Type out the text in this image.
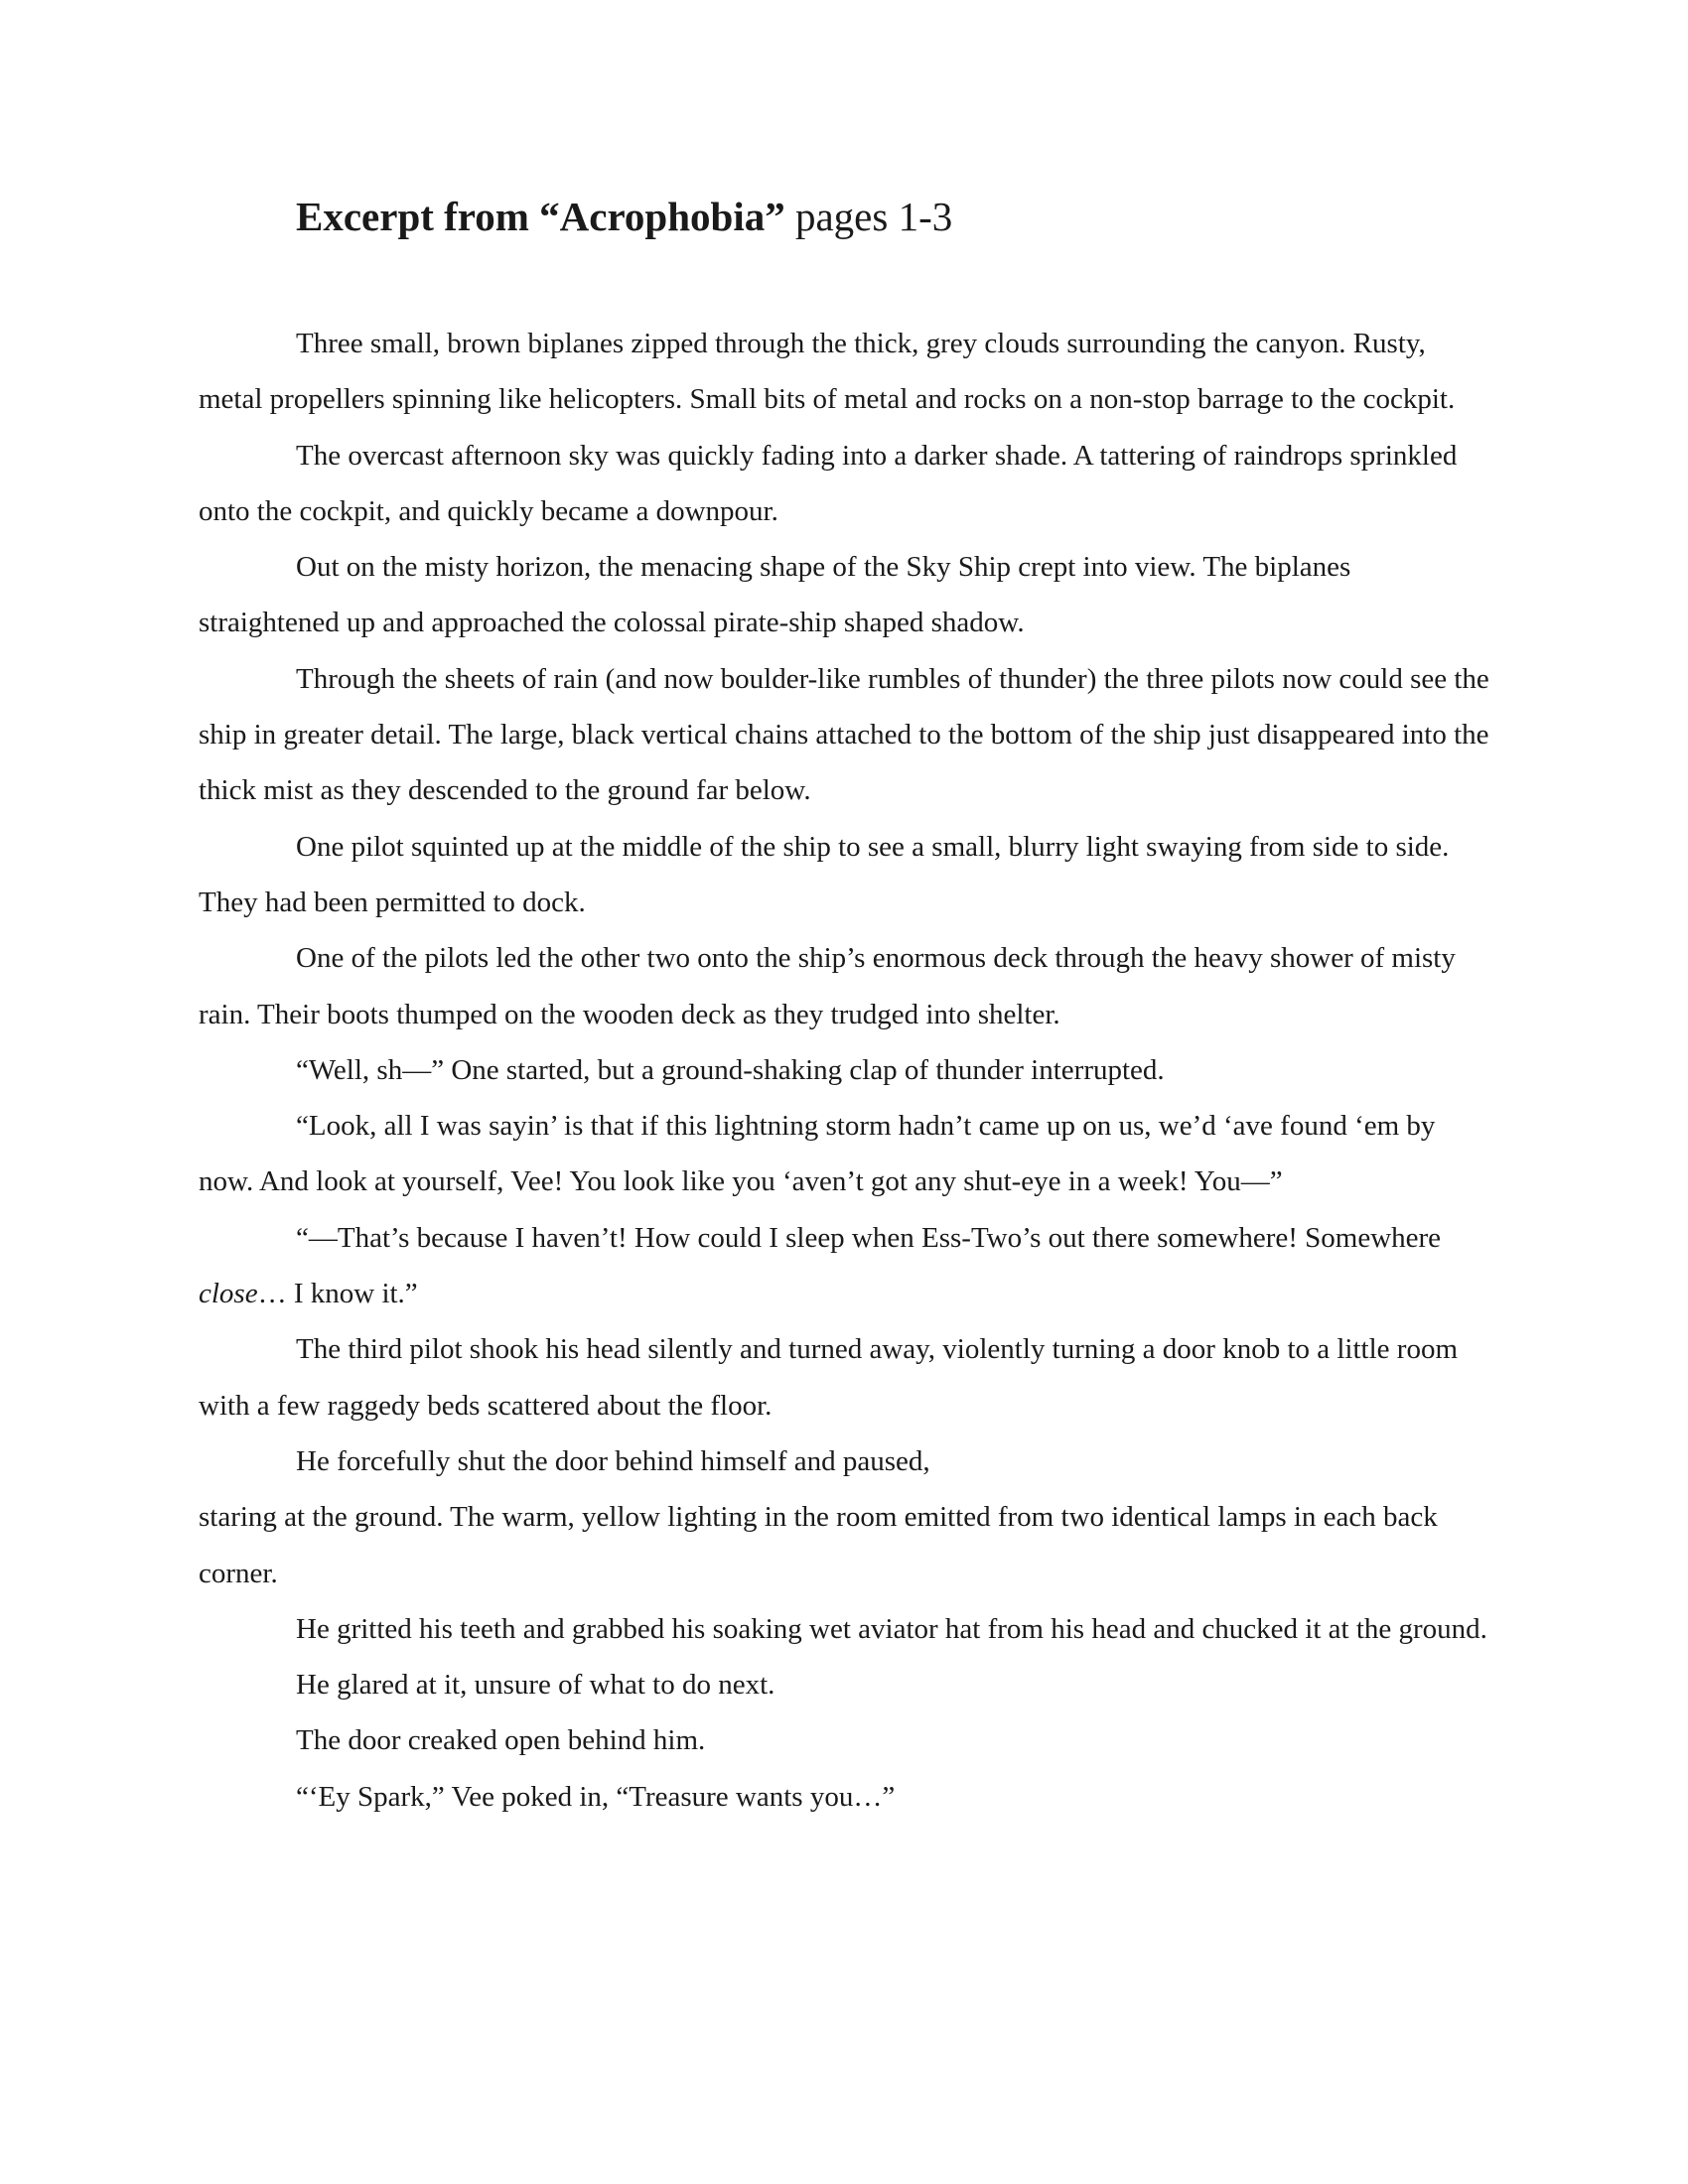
Excerpt from “Acrophobia” pages 1-3

Three small, brown biplanes zipped through the thick, grey clouds surrounding the canyon. Rusty, metal propellers spinning like helicopters. Small bits of metal and rocks on a non-stop barrage to the cockpit.

The overcast afternoon sky was quickly fading into a darker shade. A tattering of raindrops sprinkled onto the cockpit, and quickly became a downpour.

Out on the misty horizon, the menacing shape of the Sky Ship crept into view. The biplanes straightened up and approached the colossal pirate-ship shaped shadow.

Through the sheets of rain (and now boulder-like rumbles of thunder) the three pilots now could see the ship in greater detail. The large, black vertical chains attached to the bottom of the ship just disappeared into the thick mist as they descended to the ground far below.

One pilot squinted up at the middle of the ship to see a small, blurry light swaying from side to side. They had been permitted to dock.

One of the pilots led the other two onto the ship’s enormous deck through the heavy shower of misty rain. Their boots thumped on the wooden deck as they trudged into shelter.

“Well, sh—” One started, but a ground-shaking clap of thunder interrupted.

“Look, all I was sayin’ is that if this lightning storm hadn’t came up on us, we’d ‘ave found ‘em by now. And look at yourself, Vee! You look like you ‘aven’t got any shut-eye in a week! You—”

“—That’s because I haven’t! How could I sleep when Ess-Two’s out there somewhere! Somewhere close… I know it.”

The third pilot shook his head silently and turned away, violently turning a door knob to a little room with a few raggedy beds scattered about the floor.

He forcefully shut the door behind himself and paused,
staring at the ground. The warm, yellow lighting in the room emitted from two identical lamps in each back corner.

He gritted his teeth and grabbed his soaking wet aviator hat from his head and chucked it at the ground.

He glared at it, unsure of what to do next.

The door creaked open behind him.

“‘Ey Spark,” Vee poked in, “Treasure wants you…”
